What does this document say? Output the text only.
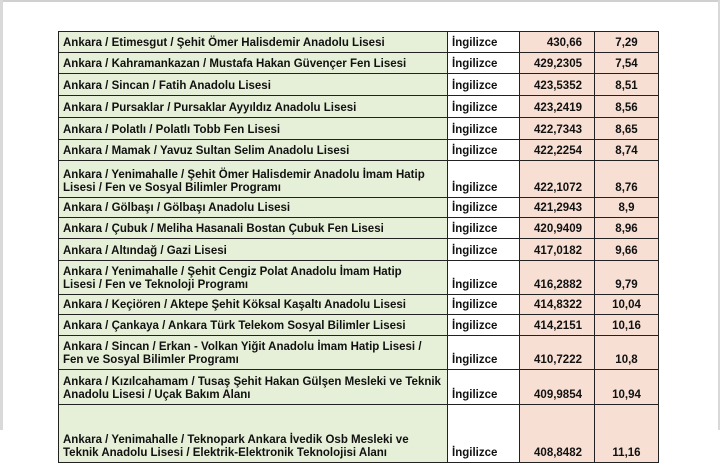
Ankara / Etimesgut / Şehit Ömer Halisdemir Anadolu Lisesi	İngilizce	430,66	7,29
Ankara / Kahramankazan / Mustafa Hakan Güvençer Fen Lisesi	İngilizce	429,2305	7,54
Ankara / Sincan / Fatih Anadolu Lisesi	İngilizce	423,5352	8,51
Ankara / Pursaklar / Pursaklar Ayyıldız Anadolu Lisesi	İngilizce	423,2419	8,56
Ankara / Polatlı / Polatlı Tobb Fen Lisesi	İngilizce	422,7343	8,65
Ankara / Mamak / Yavuz Sultan Selim Anadolu Lisesi	İngilizce	422,2254	8,74

Ankara / Yenimahalle / Şehit Ömer Halisdemir Anadolu İmam Hatip
Lisesi / Fen ve Sosyal Bilimler Programı	İngilizce	422,1072	8,76
Ankara / Gölbaşı / Gölbaşı Anadolu Lisesi	İngilizce	421,2943	8,9
Ankara / Çubuk / Meliha Hasanali Bostan Çubuk Fen Lisesi	İngilizce	420,9409	8,96
Ankara / Altındağ / Gazi Lisesi	İngilizce	417,0182	9,66

Ankara / Yenimahalle / Şehit Cengiz Polat Anadolu İmam Hatip
Lisesi / Fen ve Teknoloji Programı	İngilizce	416,2882	9,79
Ankara / Keçiören / Aktepe Şehit Köksal Kaşaltı Anadolu Lisesi	İngilizce	414,8322	10,04
Ankara / Çankaya / Ankara Türk Telekom Sosyal Bilimler Lisesi	İngilizce	414,2151	10,16

Ankara / Sincan / Erkan - Volkan Yiğit Anadolu İmam Hatip Lisesi /
Fen ve Sosyal Bilimler Programı	İngilizce	410,7222	10,8

Ankara / Kızılcahamam / Tusaş Şehit Hakan Gülşen Mesleki ve Teknik
Anadolu Lisesi / Uçak Bakım Alanı	İngilizce	409,9854	10,94

Ankara / Yenimahalle / Teknopark Ankara İvedik Osb Mesleki ve
Teknik Anadolu Lisesi / Elektrik-Elektronik Teknolojisi Alanı	İngilizce	408,8482	11,16
